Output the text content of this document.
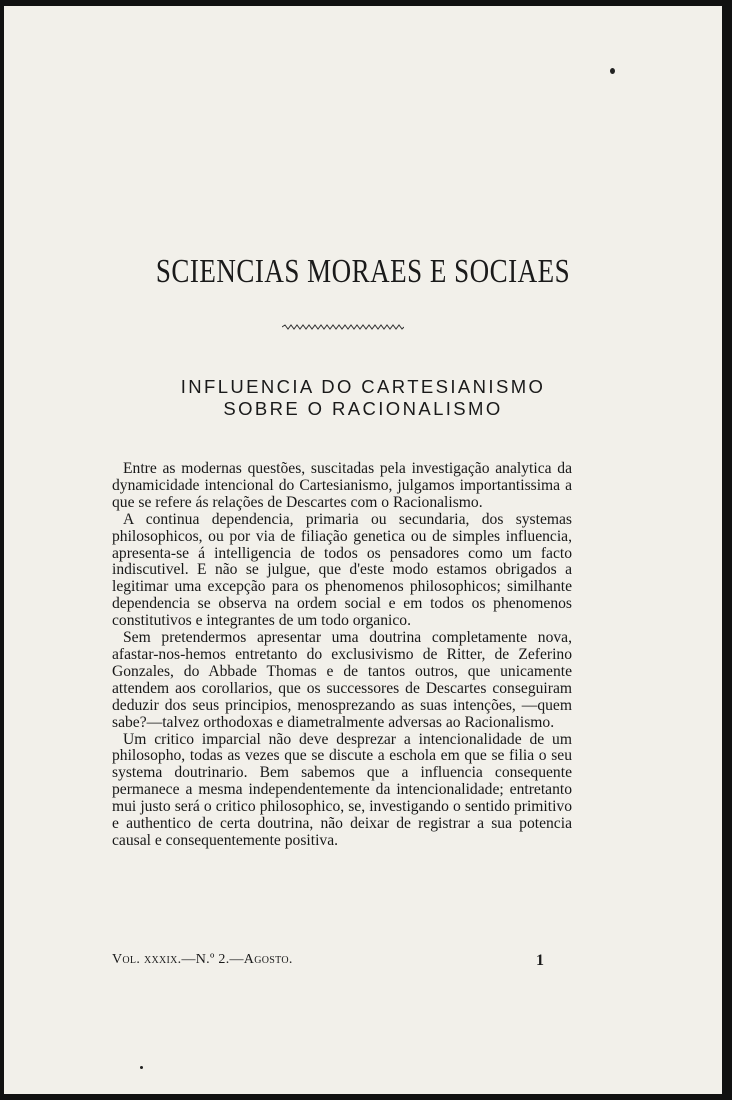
SCIENCIAS MORAES E SOCIAES
INFLUENCIA DO CARTESIANISMO
SOBRE O RACIONALISMO

Entre as modernas questões, suscitadas pela investigação analytica da dynamicidade intencional do Cartesianismo, julgamos importantissima a que se refere ás relações de Descartes com o Racionalismo.

A continua dependencia, primaria ou secundaria, dos systemas philosophicos, ou por via de filiação genetica ou de simples influencia, apresenta-se á intelligencia de todos os pensadores como um facto indiscutivel. E não se julgue, que d'este modo estamos obrigados a legitimar uma excepção para os phenomenos philosophicos; similhante dependencia se observa na ordem social e em todos os phenomenos constitutivos e integrantes de um todo organico.

Sem pretendermos apresentar uma doutrina completamente nova, afastar-nos-hemos entretanto do exclusivismo de Ritter, de Zeferino Gonzales, do Abbade Thomas e de tantos outros, que unicamente attendem aos corollarios, que os successores de Descartes conseguiram deduzir dos seus principios, menosprezando as suas intenções, —quem sabe?—talvez orthodoxas e diametralmente adversas ao Racionalismo.

Um critico imparcial não deve desprezar a intencionalidade de um philosopho, todas as vezes que se discute a eschola em que se filia o seu systema doutrinario. Bem sabemos que a influencia consequente permanece a mesma independentemente da intencionalidade; entretanto mui justo será o critico philosophico, se, investigando o sentido primitivo e authentico de certa doutrina, não deixar de registrar a sua potencia causal e consequentemente positiva.

Vol. xxxix.—N.º 2.—Agosto.	1
